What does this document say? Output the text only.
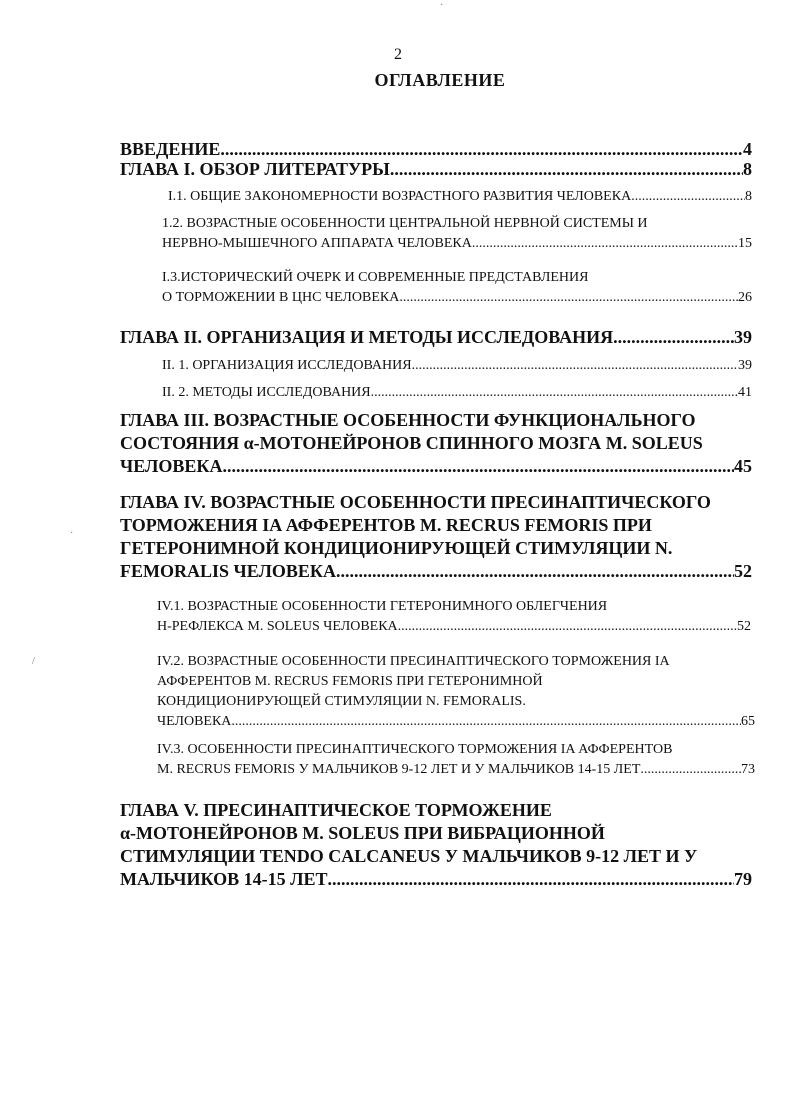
·
/
·
2
ОГЛАВЛЕНИЕ
ВВЕДЕНИЕ .....	4
ГЛАВА I. ОБЗОР ЛИТЕРАТУРЫ .....	8
I.1. ОБЩИЕ ЗАКОНОМЕРНОСТИ ВОЗРАСТНОГО РАЗВИТИЯ ЧЕЛОВЕКА .....	8
1.2. ВОЗРАСТНЫЕ ОСОБЕННОСТИ ЦЕНТРАЛЬНОЙ НЕРВНОЙ СИСТЕМЫ И
НЕРВНО-МЫШЕЧНОГО АППАРАТА ЧЕЛОВЕКА .....	15
I.3.ИСТОРИЧЕСКИЙ ОЧЕРК И СОВРЕМЕННЫЕ ПРЕДСТАВЛЕНИЯ
О ТОРМОЖЕНИИ В ЦНС ЧЕЛОВЕКА .....	26
ГЛАВА II. ОРГАНИЗАЦИЯ И МЕТОДЫ ИССЛЕДОВАНИЯ .....	39
II. 1. ОРГАНИЗАЦИЯ ИССЛЕДОВАНИЯ .....	39
II. 2. МЕТОДЫ ИССЛЕДОВАНИЯ .....	41
ГЛАВА III. ВОЗРАСТНЫЕ ОСОБЕННОСТИ ФУНКЦИОНАЛЬНОГО
СОСТОЯНИЯ α-МОТОНЕЙРОНОВ СПИННОГО МОЗГА M. SOLEUS
ЧЕЛОВЕКА .....	45
ГЛАВА IV. ВОЗРАСТНЫЕ ОСОБЕННОСТИ ПРЕСИНАПТИЧЕСКОГО
ТОРМОЖЕНИЯ IA АФФЕРЕНТОВ M. RECRUS FEMORIS ПРИ
ГЕТЕРОНИМНОЙ КОНДИЦИОНИРУЮЩЕЙ СТИМУЛЯЦИИ N.
FEMORALIS ЧЕЛОВЕКА .....	52
IV.1. ВОЗРАСТНЫЕ ОСОБЕННОСТИ ГЕТЕРОНИМНОГО ОБЛЕГЧЕНИЯ
H-РЕФЛЕКСА M. SOLEUS ЧЕЛОВЕКА .....	52
IV.2. ВОЗРАСТНЫЕ ОСОБЕННОСТИ ПРЕСИНАПТИЧЕСКОГО ТОРМОЖЕНИЯ IA
АФФЕРЕНТОВ M. RECRUS FEMORIS ПРИ ГЕТЕРОНИМНОЙ
КОНДИЦИОНИРУЮЩЕЙ СТИМУЛЯЦИИ N. FEMORALIS.
ЧЕЛОВЕКА .....	65
IV.3. ОСОБЕННОСТИ ПРЕСИНАПТИЧЕСКОГО ТОРМОЖЕНИЯ IA АФФЕРЕНТОВ
M. RECRUS FEMORIS У МАЛЬЧИКОВ 9-12 ЛЕТ И У МАЛЬЧИКОВ 14-15 ЛЕТ .....	73
ГЛАВА V. ПРЕСИНАПТИЧЕСКОЕ ТОРМОЖЕНИЕ
α-МОТОНЕЙРОНОВ M. SOLEUS ПРИ ВИБРАЦИОННОЙ
СТИМУЛЯЦИИ TENDO CALCANEUS У МАЛЬЧИКОВ 9-12 ЛЕТ И У
МАЛЬЧИКОВ 14-15 ЛЕТ .....	79
